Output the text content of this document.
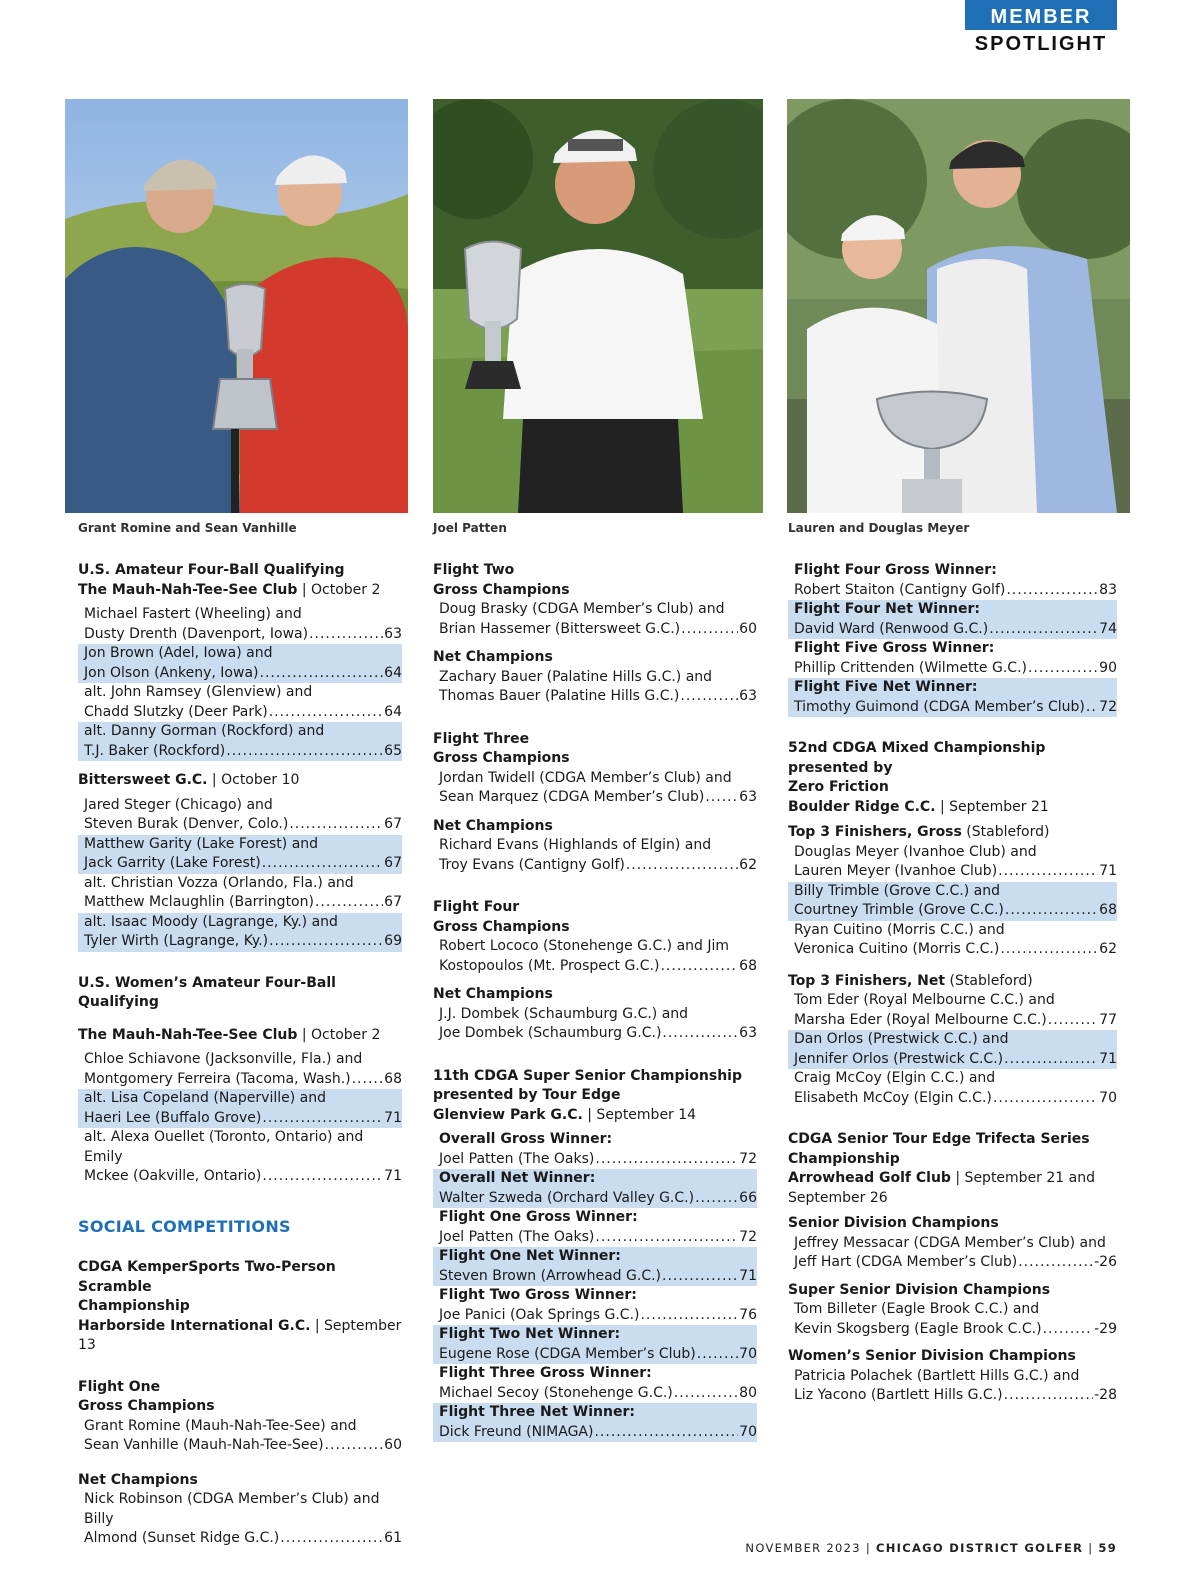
MEMBER
SPOTLIGHT
Grant Romine and Sean Vanhille	Joel Patten	Lauren and Douglas Meyer
U.S. Amateur Four-Ball Qualifying
The Mauh-Nah-Tee-See Club | October 2
Michael Fastert (Wheeling) and
Dusty Drenth (Davenport, Iowa) .....	63
Jon Brown (Adel, Iowa) and
Jon Olson (Ankeny, Iowa) .....	64
alt. John Ramsey (Glenview) and
Chadd Slutzky (Deer Park) .....	64
alt. Danny Gorman (Rockford) and
T.J. Baker (Rockford) .....	65
Bittersweet G.C. | October 10
Jared Steger (Chicago) and
Steven Burak (Denver, Colo.) .....	67
Matthew Garity (Lake Forest) and
Jack Garrity (Lake Forest) .....	67
alt. Christian Vozza (Orlando, Fla.) and
Matthew Mclaughlin (Barrington) .....	67
alt. Isaac Moody (Lagrange, Ky.) and
Tyler Wirth (Lagrange, Ky.) .....	69
U.S. Women’s Amateur Four-Ball Qualifying
The Mauh-Nah-Tee-See Club | October 2
Chloe Schiavone (Jacksonville, Fla.) and
Montgomery Ferreira (Tacoma, Wash.) ..... 68
alt. Lisa Copeland (Naperville) and
Haeri Lee (Buffalo Grove) .....	71
alt. Alexa Ouellet (Toronto, Ontario) and Emily
Mckee (Oakville, Ontario) .....	71
SOCIAL COMPETITIONS
CDGA KemperSports Two-Person Scramble
Championship
Harborside International G.C. | September 13
Flight One
Gross Champions
Grant Romine (Mauh-Nah-Tee-See) and
Sean Vanhille (Mauh-Nah-Tee-See) .....	60
Net Champions
Nick Robinson (CDGA Member’s Club) and Billy
Almond (Sunset Ridge G.C.) .....	61
Flight Two
Gross Champions
Doug Brasky (CDGA Member’s Club) and
Brian Hassemer (Bittersweet G.C.) .....	60
Net Champions
Zachary Bauer (Palatine Hills G.C.) and
Thomas Bauer (Palatine Hills G.C.) .....	63
Flight Three
Gross Champions
Jordan Twidell (CDGA Member’s Club) and
Sean Marquez (CDGA Member’s Club) ..... 63
Net Champions
Richard Evans (Highlands of Elgin) and
Troy Evans (Cantigny Golf) .....	62
Flight Four
Gross Champions
Robert Lococo (Stonehenge G.C.) and Jim
Kostopoulos (Mt. Prospect G.C.) .....	68
Net Champions
J.J. Dombek (Schaumburg G.C.) and
Joe Dombek (Schaumburg G.C.) .....	63
11th CDGA Super Senior Championship
presented by Tour Edge
Glenview Park G.C. | September 14
Overall Gross Winner:
Joel Patten (The Oaks) .....	72
Overall Net Winner:
Walter Szweda (Orchard Valley G.C.) .....	66
Flight One Gross Winner:
Joel Patten (The Oaks) .....	72
Flight One Net Winner:
Steven Brown (Arrowhead G.C.) .....	71
Flight Two Gross Winner:
Joe Panici (Oak Springs G.C.) .....	76
Flight Two Net Winner:
Eugene Rose (CDGA Member’s Club) .....	70
Flight Three Gross Winner:
Michael Secoy (Stonehenge G.C.) .....	80
Flight Three Net Winner:
Dick Freund (NIMAGA) .....	70
Flight Four Gross Winner:
Robert Staiton (Cantigny Golf) .....	83
Flight Four Net Winner:
David Ward (Renwood G.C.) .....	74
Flight Five Gross Winner:
Phillip Crittenden (Wilmette G.C.) .....	90
Flight Five Net Winner:
Timothy Guimond (CDGA Member’s Club) ..... 72
52nd CDGA Mixed Championship presented by
Zero Friction
Boulder Ridge C.C. | September 21
Top 3 Finishers, Gross (Stableford)
Douglas Meyer (Ivanhoe Club) and
Lauren Meyer (Ivanhoe Club) .....	71
Billy Trimble (Grove C.C.) and
Courtney Trimble (Grove C.C.) .....	68
Ryan Cuitino (Morris C.C.) and
Veronica Cuitino (Morris C.C.) .....	62
Top 3 Finishers, Net (Stableford)
Tom Eder (Royal Melbourne C.C.) and
Marsha Eder (Royal Melbourne C.C.) .....	77
Dan Orlos (Prestwick C.C.) and
Jennifer Orlos (Prestwick C.C.) .....	71
Craig McCoy (Elgin C.C.) and
Elisabeth McCoy (Elgin C.C.) .....	70
CDGA Senior Tour Edge Trifecta Series
Championship
Arrowhead Golf Club | September 21 and
September 26
Senior Division Champions
Jeffrey Messacar (CDGA Member’s Club) and
Jeff Hart (CDGA Member’s Club) .....	-26
Super Senior Division Champions
Tom Billeter (Eagle Brook C.C.) and
Kevin Skogsberg (Eagle Brook C.C.) .....	-29
Women’s Senior Division Champions
Patricia Polachek (Bartlett Hills G.C.) and
Liz Yacono (Bartlett Hills G.C.) .....	-28
NOVEMBER 2023 | CHICAGO DISTRICT GOLFER | 59
